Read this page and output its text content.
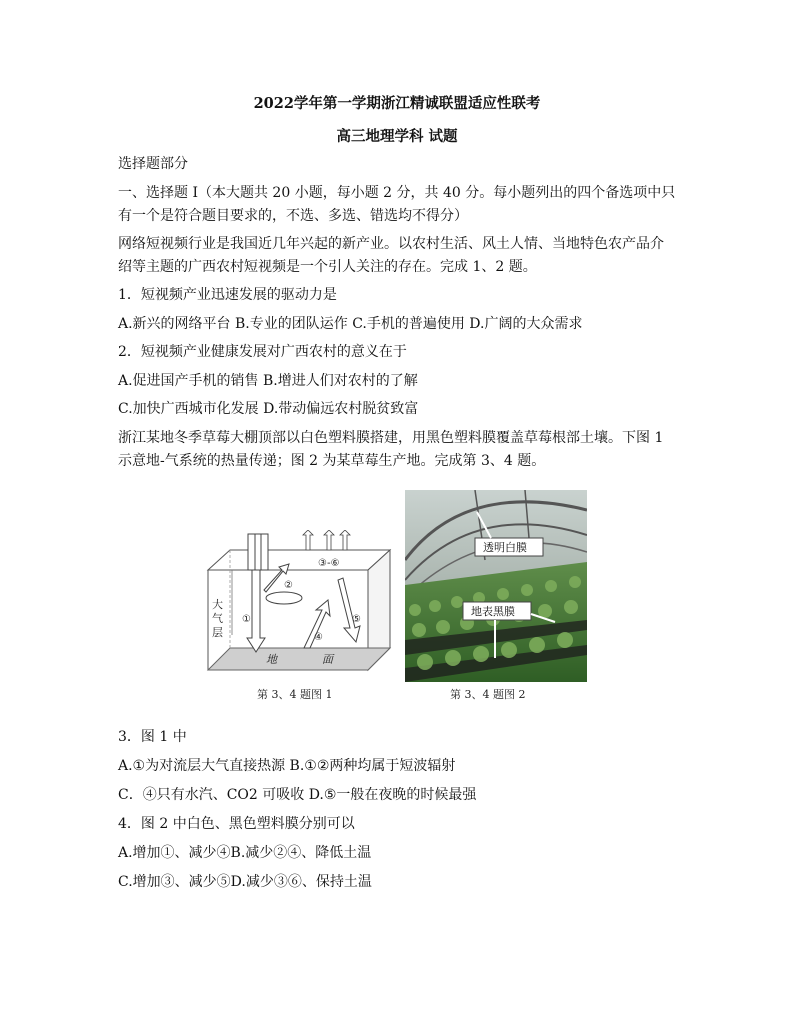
2022学年第一学期浙江精诚联盟适应性联考
高三地理学科 试题
选择题部分
一、选择题 I（本大题共 20 小题，每小题 2 分，共 40 分。每小题列出的四个备选项中只
有一个是符合题目要求的，不选、多选、错选均不得分）
网络短视频行业是我国近几年兴起的新产业。以农村生活、风土人情、当地特色农产品介
绍等主题的广西农村短视频是一个引人关注的存在。完成 1、2 题。
1．短视频产业迅速发展的驱动力是
A.新兴的网络平台 B.专业的团队运作 C.手机的普遍使用 D.广阔的大众需求
2．短视频产业健康发展对广西农村的意义在于
A.促进国产手机的销售 B.增进人们对农村的了解
C.加快广西城市化发展 D.带动偏远农村脱贫致富
浙江某地冬季草莓大棚顶部以白色塑料膜搭建，用黑色塑料膜覆盖草莓根部土壤。下图 1
示意地-气系统的热量传递；图 2 为某草莓生产地。完成第 3、4 题。
大
气
层
①
②
③-⑥
④
⑤
地	面
第 3、4 题图 1
透明白膜
地表黑膜
第 3、4 题图 2
3．图 1 中
A.①为对流层大气直接热源 B.①②两种均属于短波辐射
C．④只有水汽、CO2 可吸收 D.⑤一般在夜晚的时候最强
4．图 2 中白色、黑色塑料膜分别可以
A.增加①、减少④B.减少②④、降低土温
C.增加③、减少⑤D.减少③⑥、保持土温
